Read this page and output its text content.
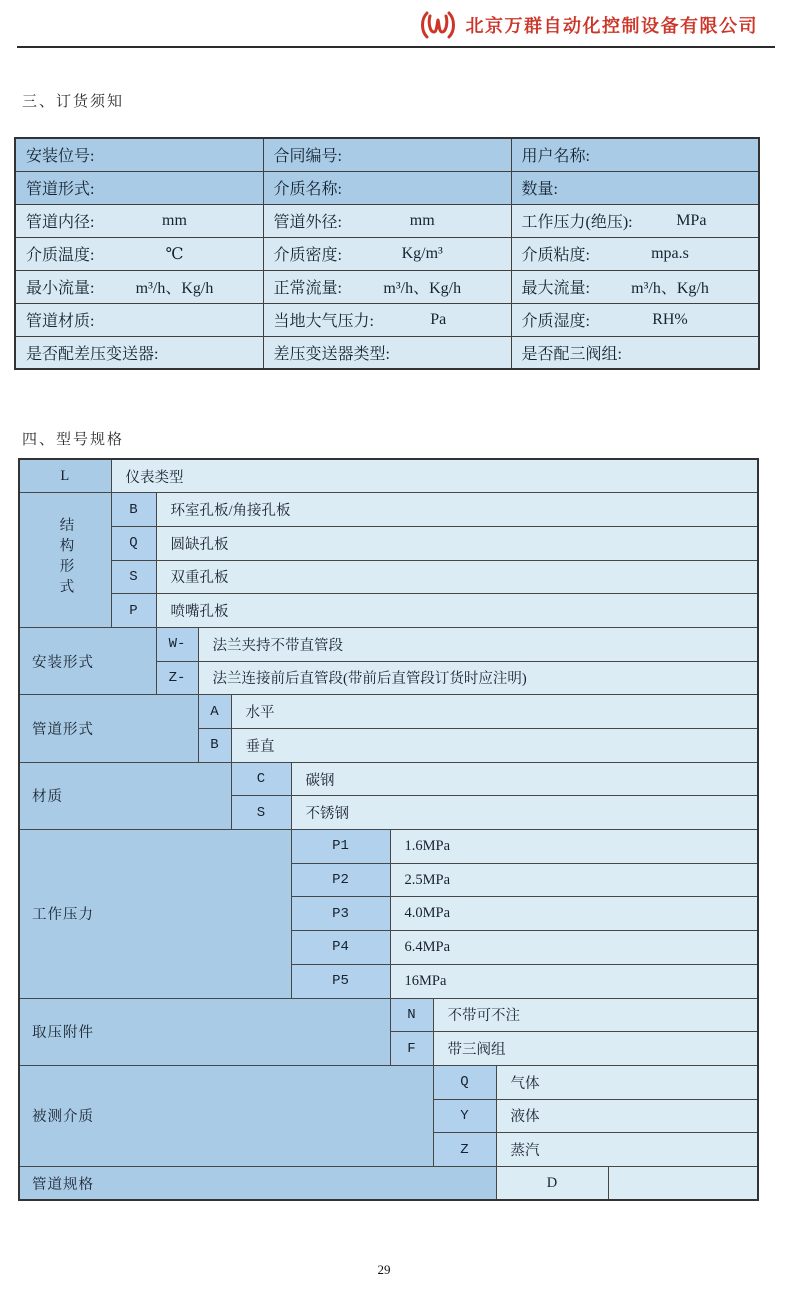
北京万群自动化控制设备有限公司
三、订货须知
安装位号:	合同编号:	用户名称:

管道形式:	介质名称:	数量:

管道内径: mm	管道外径: mm	工作压力(绝压): MPa

介质温度: ℃	介质密度: Kg/m³	介质粘度: mpa.s

最小流量: m³/h、Kg/h	正常流量: m³/h、Kg/h	最大流量: m³/h、Kg/h

管道材质:	当地大气压力: Pa	介质湿度: RH%

是否配差压变送器:	差压变送器类型:	是否配三阀组:
四、型号规格
L	仪表类型								
结构形式	B	环室孔板/角接孔板							
	Q	圆缺孔板							
	S	双重孔板							
	P	喷嘴孔板							
安装形式		W-	法兰夹持不带直管段						
		Z-	法兰连接前后直管段(带前后直管段订货时应注明)						
管道形式			A	水平					
			B	垂直					
材质				C	碳钢				
				S	不锈钢				
工作压力					P1	1.6MPa			
					P2	2.5MPa			
					P3	4.0MPa			
					P4	6.4MPa			
					P5	16MPa			
取压附件						N	不带可不注		
						F	带三阀组		
被测介质							Q	气体	
							Y	液体	
							Z	蒸汽	
管道规格								D	
29
